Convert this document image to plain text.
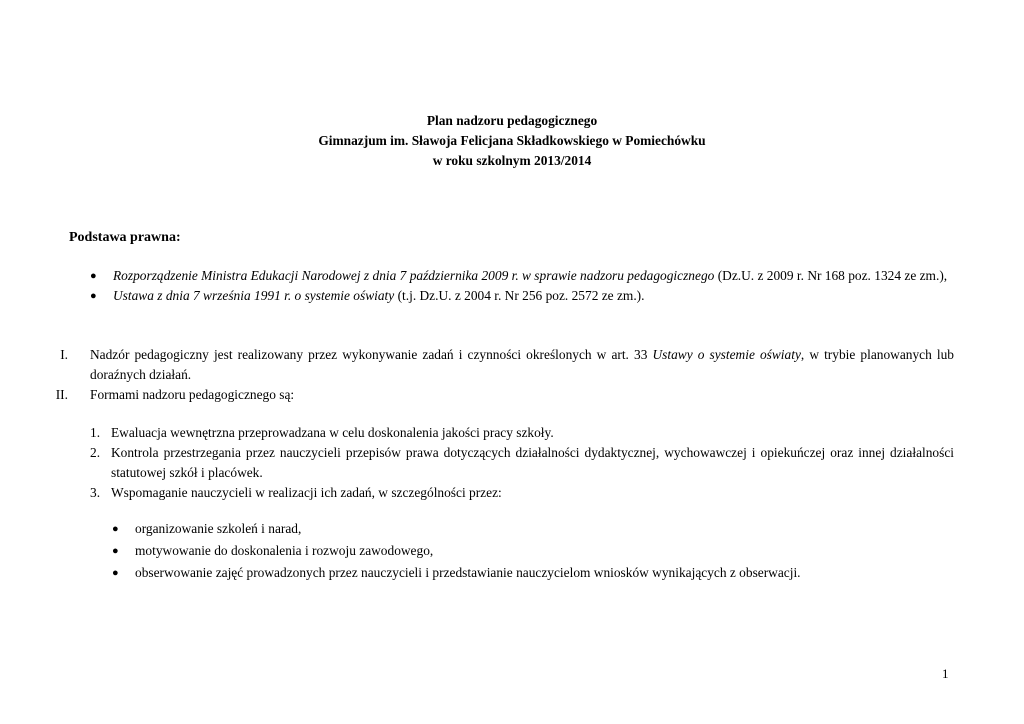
Plan nadzoru pedagogicznego
Gimnazjum im. Sławoja Felicjana Składkowskiego w Pomiechówku
w roku szkolnym 2013/2014
Podstawa prawna:
● Rozporządzenie Ministra Edukacji Narodowej z dnia 7 października 2009 r. w sprawie nadzoru pedagogicznego (Dz.U. z 2009 r. Nr 168 poz. 1324 ze zm.),
● Ustawa z dnia 7 września 1991 r. o systemie oświaty (t.j. Dz.U. z 2004 r. Nr 256 poz. 2572 ze zm.).
I. Nadzór pedagogiczny jest realizowany przez wykonywanie zadań i czynności określonych w art. 33 Ustawy o systemie oświaty, w trybie planowanych lub doraźnych działań.
II. Formami nadzoru pedagogicznego są:
1. Ewaluacja wewnętrzna przeprowadzana w celu doskonalenia jakości pracy szkoły.
2. Kontrola przestrzegania przez nauczycieli przepisów prawa dotyczących działalności dydaktycznej, wychowawczej i opiekuńczej oraz innej działalności statutowej szkół i placówek.
3. Wspomaganie nauczycieli w realizacji ich zadań, w szczególności przez:
● organizowanie szkoleń i narad,
● motywowanie do doskonalenia i rozwoju zawodowego,
● obserwowanie zajęć prowadzonych przez nauczycieli i przedstawianie nauczycielom wniosków wynikających z obserwacji.
1
